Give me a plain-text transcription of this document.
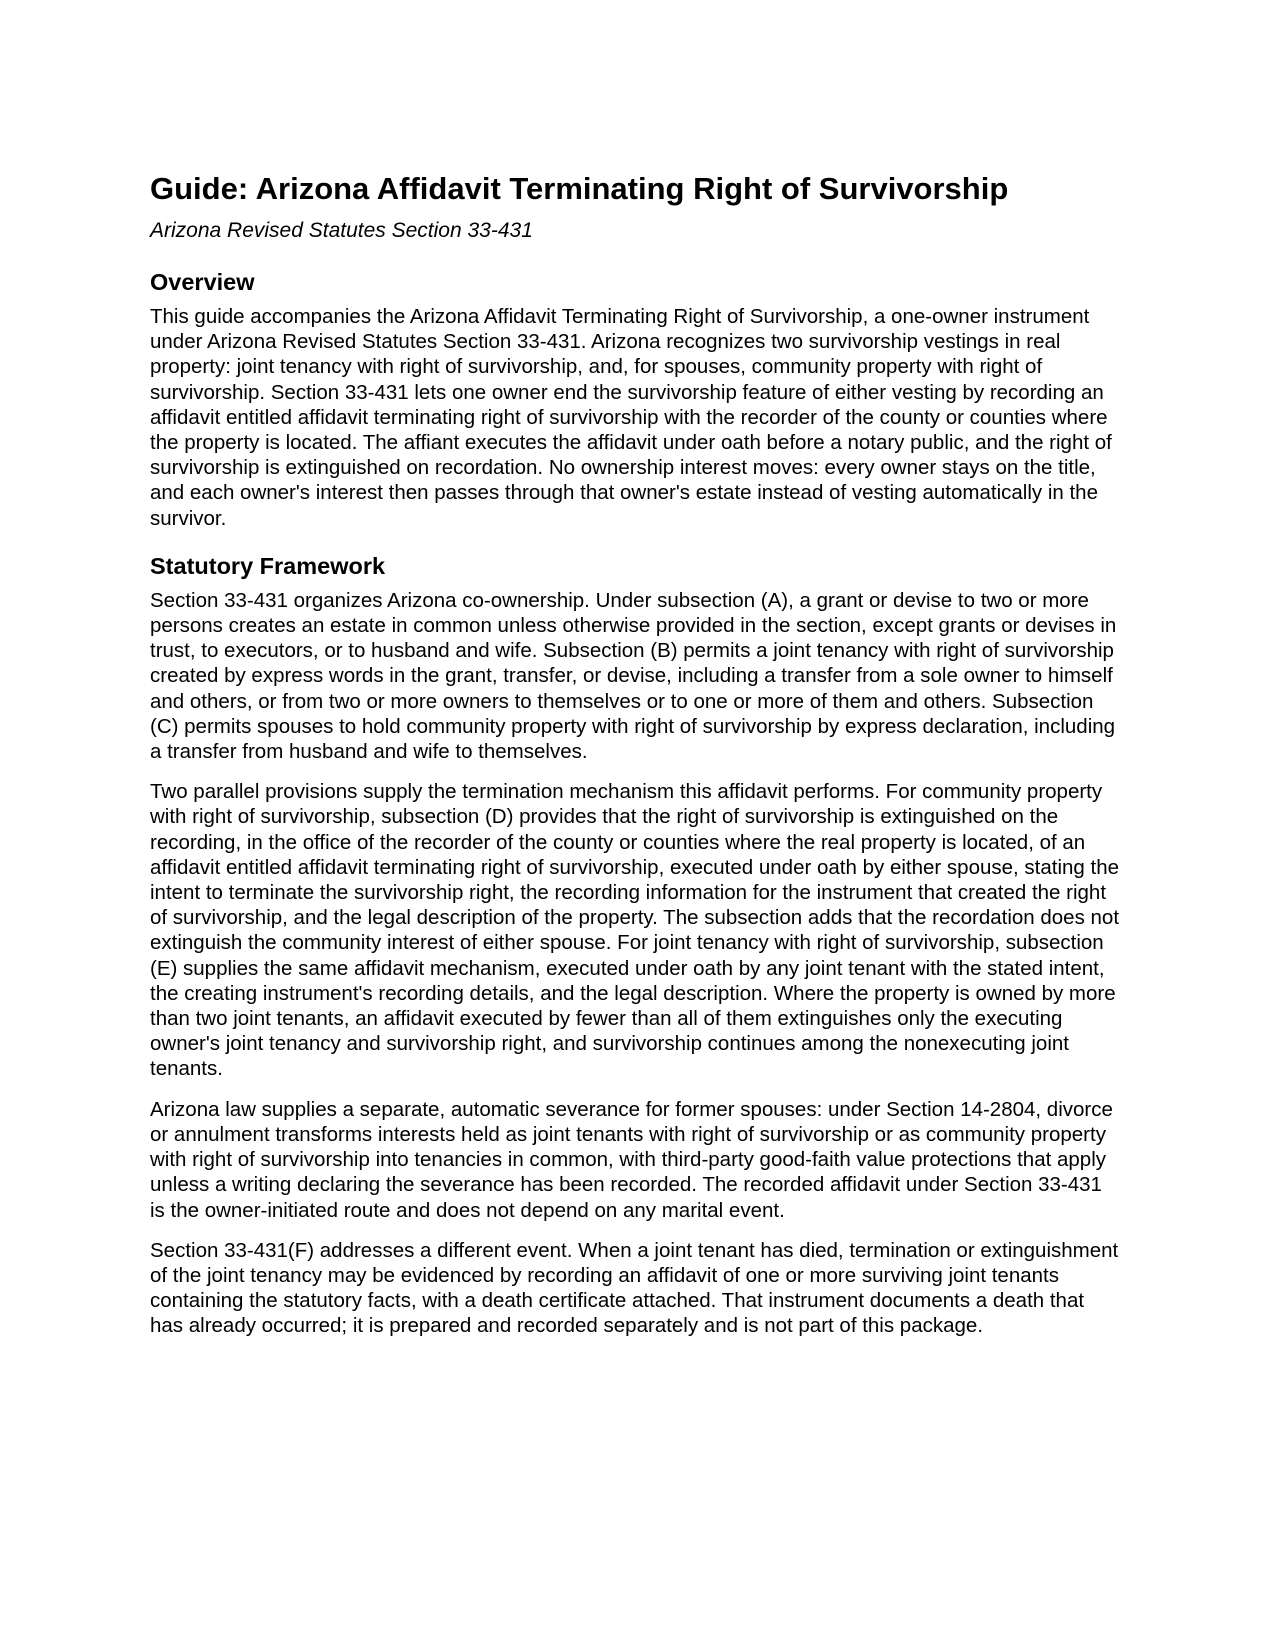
Guide: Arizona Affidavit Terminating Right of Survivorship
Arizona Revised Statutes Section 33-431
Overview

This guide accompanies the Arizona Affidavit Terminating Right of Survivorship, a one-owner instrument under Arizona Revised Statutes Section 33-431. Arizona recognizes two survivorship vestings in real property: joint tenancy with right of survivorship, and, for spouses, community property with right of survivorship. Section 33-431 lets one owner end the survivorship feature of either vesting by recording an affidavit entitled affidavit terminating right of survivorship with the recorder of the county or counties where the property is located. The affiant executes the affidavit under oath before a notary public, and the right of survivorship is extinguished on recordation. No ownership interest moves: every owner stays on the title, and each owner's interest then passes through that owner's estate instead of vesting automatically in the survivor.

Statutory Framework

Section 33-431 organizes Arizona co-ownership. Under subsection (A), a grant or devise to two or more persons creates an estate in common unless otherwise provided in the section, except grants or devises in trust, to executors, or to husband and wife. Subsection (B) permits a joint tenancy with right of survivorship created by express words in the grant, transfer, or devise, including a transfer from a sole owner to himself and others, or from two or more owners to themselves or to one or more of them and others. Subsection (C) permits spouses to hold community property with right of survivorship by express declaration, including a transfer from husband and wife to themselves.

Two parallel provisions supply the termination mechanism this affidavit performs. For community property with right of survivorship, subsection (D) provides that the right of survivorship is extinguished on the recording, in the office of the recorder of the county or counties where the real property is located, of an affidavit entitled affidavit terminating right of survivorship, executed under oath by either spouse, stating the intent to terminate the survivorship right, the recording information for the instrument that created the right of survivorship, and the legal description of the property. The subsection adds that the recordation does not extinguish the community interest of either spouse. For joint tenancy with right of survivorship, subsection (E) supplies the same affidavit mechanism, executed under oath by any joint tenant with the stated intent, the creating instrument's recording details, and the legal description. Where the property is owned by more than two joint tenants, an affidavit executed by fewer than all of them extinguishes only the executing owner's joint tenancy and survivorship right, and survivorship continues among the nonexecuting joint tenants.

Arizona law supplies a separate, automatic severance for former spouses: under Section 14-2804, divorce or annulment transforms interests held as joint tenants with right of survivorship or as community property with right of survivorship into tenancies in common, with third-party good-faith value protections that apply unless a writing declaring the severance has been recorded. The recorded affidavit under Section 33-431 is the owner-initiated route and does not depend on any marital event.

Section 33-431(F) addresses a different event. When a joint tenant has died, termination or extinguishment of the joint tenancy may be evidenced by recording an affidavit of one or more surviving joint tenants containing the statutory facts, with a death certificate attached. That instrument documents a death that has already occurred; it is prepared and recorded separately and is not part of this package.
